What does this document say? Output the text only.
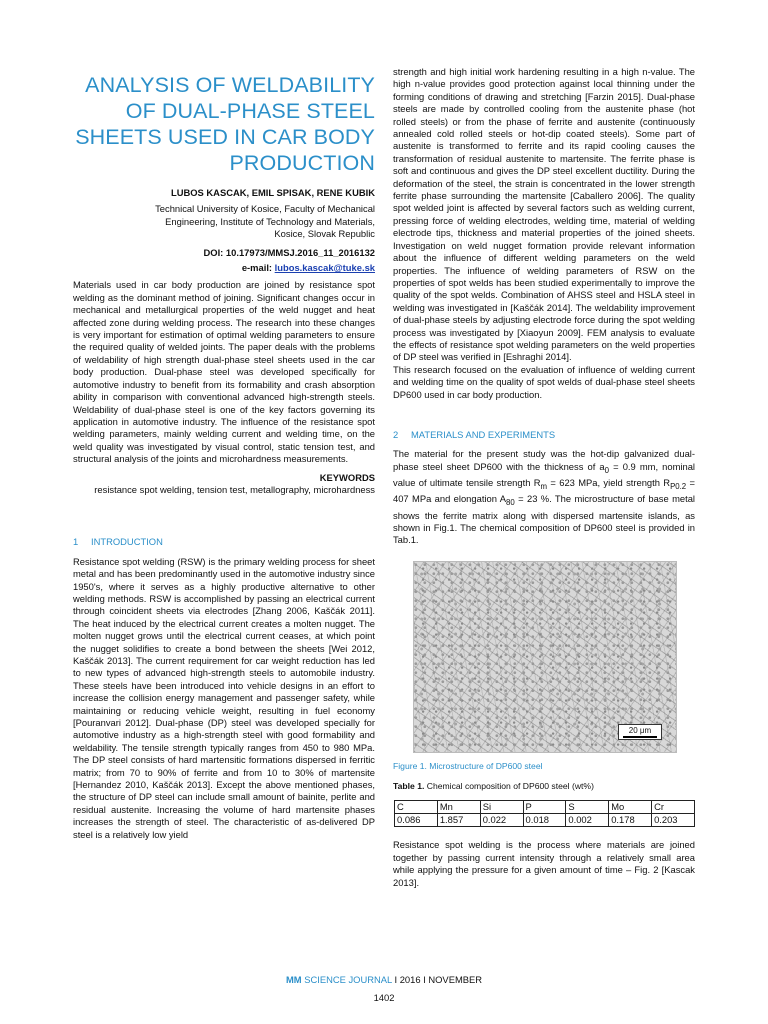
ANALYSIS OF WELDABILITY OF DUAL-PHASE STEEL SHEETS USED IN CAR BODY PRODUCTION
LUBOS KASCAK, EMIL SPISAK, RENE KUBIK
Technical University of Kosice, Faculty of Mechanical
Engineering, Institute of Technology and Materials,
Kosice, Slovak Republic
DOI: 10.17973/MMSJ.2016_11_2016132
e-mail: lubos.kascak@tuke.sk

Materials used in car body production are joined by resistance spot welding as the dominant method of joining. Significant changes occur in mechanical and metallurgical properties of the weld nugget and heat affected zone during welding process. The research into these changes is very important for estimation of optimal welding parameters to ensure the required quality of welded joints. The paper deals with the problems of weldability of high strength dual-phase steel sheets used in the car body production. Dual-phase steel was developed specifically for automotive industry to benefit from its formability and crash absorption ability in comparison with conventional advanced high-strength steels. Weldability of dual-phase steel is one of the key factors governing its application in automotive industry. The influence of the resistance spot welding parameters, mainly welding current and welding time, on the weld quality was investigated by visual control, static tension test, and structural analysis of the joints and microhardness measurements.

KEYWORDS
resistance spot welding, tension test, metallography, microhardness
1 INTRODUCTION

Resistance spot welding (RSW) is the primary welding process for sheet metal and has been predominantly used in the automotive industry since 1950's, where it serves as a highly productive alternative to other welding methods. RSW is accomplished by passing an electrical current through coincident sheets via electrodes [Zhang 2006, Kaščák 2011]. The heat induced by the electrical current creates a molten nugget. The molten nugget grows until the electrical current ceases, at which point the nugget solidifies to create a bond between the sheets [Wei 2012, Kaščák 2013]. The current requirement for car weight reduction has led to new types of advanced high-strength steels to automobile industry. These steels have been introduced into vehicle designs in an effort to increase the collision energy management and passenger safety, while maintaining or reducing vehicle weight, resulting in fuel economy [Pouranvari 2012]. Dual-phase (DP) steel was developed specially for automotive industry as a high-strength steel with good formability and weldability. The tensile strength typically ranges from 450 to 980 MPa. The DP steel consists of hard martensitic formations dispersed in ferritic matrix; from 70 to 90% of ferrite and from 10 to 30% of martensite [Hernandez 2010, Kaščák 2013]. Except the above mentioned phases, the structure of DP steel can include small amount of bainite, perlite and residual austenite. Increasing the volume of hard martensite phases increases the strength of steel. The characteristic of as-delivered DP steel is a relatively low yield

strength and high initial work hardening resulting in a high n-value. The high n-value provides good protection against local thinning under the forming conditions of drawing and stretching [Farzin 2015]. Dual-phase steels are made by controlled cooling from the austenite phase (hot rolled steels) or from the phase of ferrite and austenite (continuously annealed cold rolled steels or hot-dip coated steels). Some part of austenite is transformed to ferrite and its rapid cooling causes the transformation of residual austenite to martensite. The ferrite phase is soft and continuous and gives the DP steel excellent ductility. During the deformation of the steel, the strain is concentrated in the lower strength ferrite phase surrounding the martensite [Caballero 2006]. The quality spot welded joint is affected by several factors such as welding current, pressing force of welding electrodes, welding time, material of welding electrode tips, thickness and material properties of the joined sheets. Investigation on weld nugget formation provide relevant information about the influence of different welding parameters on the weld properties. The influence of welding parameters of RSW on the properties of spot welds has been studied experimentally to improve the quality of the spot welds. Combination of AHSS steel and HSLA steel in welding was investigated in [Kaščák 2014]. The weldability improvement of dual-phase steels by adjusting electrode force during the spot welding process was investigated by [Xiaoyun 2009]. FEM analysis to evaluate the effects of resistance spot welding parameters on the weld properties of DP steel was verified in [Eshraghi 2014].

This research focused on the evaluation of influence of welding current and welding time on the quality of spot welds of dual-phase steel sheets DP600 used in car body production.

2 MATERIALS AND EXPERIMENTS

The material for the present study was the hot-dip galvanized dual-phase steel sheet DP600 with the thickness of $a_0 = 0.9$ mm, nominal value of ultimate tensile strength $R_m = 623$ MPa, yield strength $R_{P0.2} = 407$ MPa and elongation $A_{80} = 23$ %. The microstructure of base metal shows the ferrite matrix along with dispersed martensite islands, as shown in Fig.1. The chemical composition of DP600 steel is provided in Tab.1.

20 μm
Figure 1. Microstructure of DP600 steel
Table 1. Chemical composition of DP600 steel (wt%)
C	Mn	Si	P	S	Mo	Cr
0.086	1.857	0.022	0.018	0.002	0.178	0.203

Resistance spot welding is the process where materials are joined together by passing current intensity through a relatively small area while applying the pressure for a given amount of time – Fig. 2 [Kascak 2013].

MM SCIENCE JOURNAL I 2016 I NOVEMBER
1402
